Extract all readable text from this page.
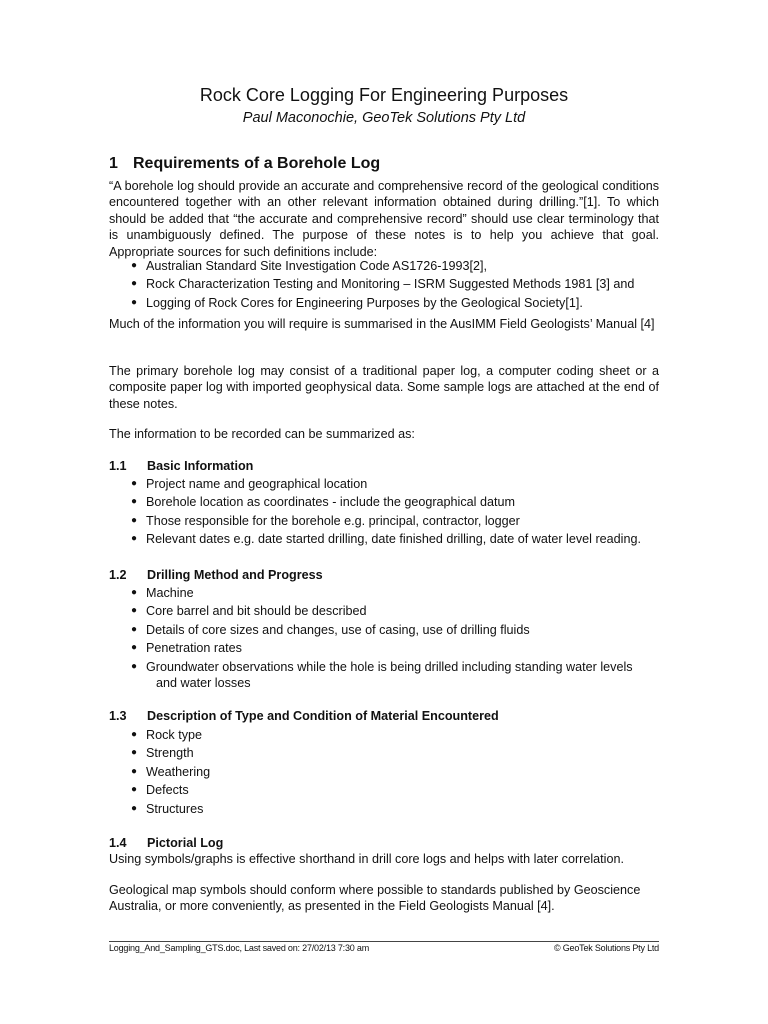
Rock Core Logging For Engineering Purposes
Paul Maconochie, GeoTek Solutions Pty Ltd
1 Requirements of a Borehole Log

“A borehole log should provide an accurate and comprehensive record of the geological conditions encountered together with an other relevant information obtained during drilling.”[1]. To which should be added that “the accurate and comprehensive record” should use clear terminology that is unambiguously defined. The purpose of these notes is to help you achieve that goal. Appropriate sources for such definitions include:

● Australian Standard Site Investigation Code AS1726-1993[2],
● Rock Characterization Testing and Monitoring – ISRM Suggested Methods 1981 [3] and
● Logging of Rock Cores for Engineering Purposes by the Geological Society[1].

Much of the information you will require is summarised in the AusIMM Field Geologists’ Manual [4]

The primary borehole log may consist of a traditional paper log, a computer coding sheet or a composite paper log with imported geophysical data. Some sample logs are attached at the end of these notes.

The information to be recorded can be summarized as:

1.1 Basic Information
● Project name and geographical location
● Borehole location as coordinates - include the geographical datum
● Those responsible for the borehole e.g. principal, contractor, logger
● Relevant dates e.g. date started drilling, date finished drilling, date of water level reading.
1.2 Drilling Method and Progress
● Machine
● Core barrel and bit should be described
● Details of core sizes and changes, use of casing, use of drilling fluids
● Penetration rates
● Groundwater observations while the hole is being drilled including standing water levels
and water losses
1.3 Description of Type and Condition of Material Encountered
● Rock type
● Strength
● Weathering
● Defects
● Structures
1.4 Pictorial Log

Using symbols/graphs is effective shorthand in drill core logs and helps with later correlation.

Geological map symbols should conform where possible to standards published by Geoscience Australia, or more conveniently, as presented in the Field Geologists Manual [4].

Logging_And_Sampling_GTS.doc, Last saved on: 27/02/13 7:30 am	© GeoTek Solutions Pty Ltd
